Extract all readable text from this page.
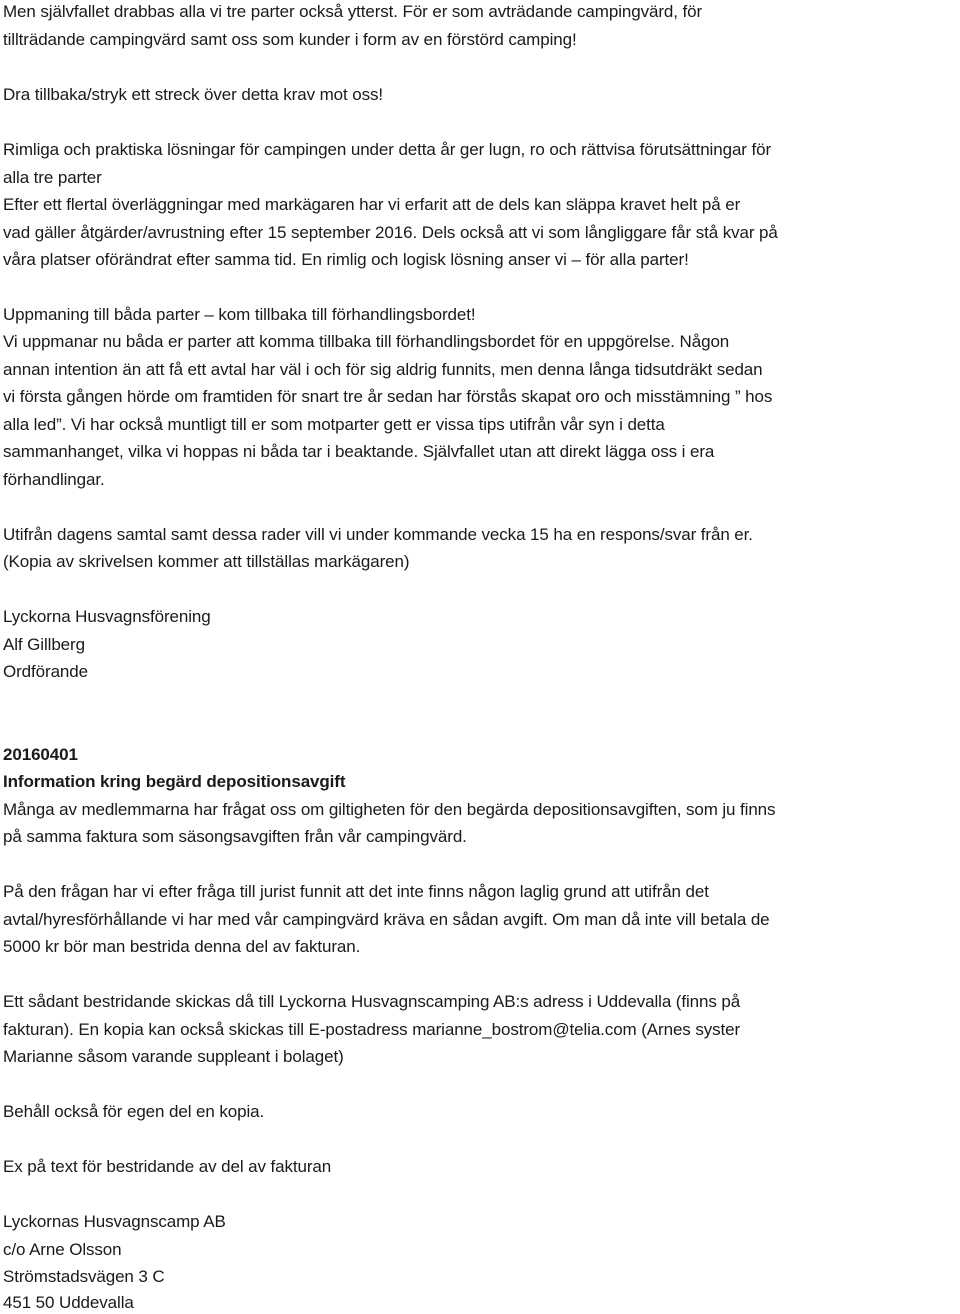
Men självfallet drabbas alla vi tre parter också ytterst. För er som avträdande campingvärd, för
tillträdande campingvärd samt oss som kunder i form av en förstörd camping!
Dra tillbaka/stryk ett streck över detta krav mot oss!
Rimliga och praktiska lösningar för campingen under detta år ger lugn, ro och rättvisa förutsättningar för
alla tre parter
Efter ett flertal överläggningar med markägaren har vi erfarit att de dels kan släppa kravet helt på er
vad gäller åtgärder/avrustning efter 15 september 2016. Dels också att vi som långliggare får stå kvar på
våra platser oförändrat efter samma tid. En rimlig och logisk lösning anser vi – för alla parter!
Uppmaning till båda parter – kom tillbaka till förhandlingsbordet!
Vi uppmanar nu båda er parter att komma tillbaka till förhandlingsbordet för en uppgörelse. Någon
annan intention än att få ett avtal har väl i och för sig aldrig funnits, men denna långa tidsutdräkt sedan
vi första gången hörde om framtiden för snart tre år sedan har förstås skapat oro och misstämning ” hos
alla led”. Vi har också muntligt till er som motparter gett er vissa tips utifrån vår syn i detta
sammanhanget, vilka vi hoppas ni båda tar i beaktande. Självfallet utan att direkt lägga oss i era
förhandlingar.
Utifrån dagens samtal samt dessa rader vill vi under kommande vecka 15 ha en respons/svar från er.
(Kopia av skrivelsen kommer att tillställas markägaren)
Lyckorna Husvagnsförening
Alf Gillberg
Ordförande
20160401
Information kring begärd depositionsavgift
Många av medlemmarna har frågat oss om giltigheten för den begärda depositionsavgiften, som ju finns
på samma faktura som säsongsavgiften från vår campingvärd.
På den frågan har vi efter fråga till jurist funnit att det inte finns någon laglig grund att utifrån det
avtal/hyresförhållande vi har med vår campingvärd kräva en sådan avgift. Om man då inte vill betala de
5000 kr bör man bestrida denna del av fakturan.
Ett sådant bestridande skickas då till Lyckorna Husvagnscamping AB:s adress i Uddevalla (finns på
fakturan). En kopia kan också skickas till E-postadress marianne_bostrom@telia.com (Arnes syster
Marianne såsom varande suppleant i bolaget)
Behåll också för egen del en kopia.
Ex på text för bestridande av del av fakturan
Lyckornas Husvagnscamp AB
c/o Arne Olsson
Strömstadsvägen 3 C
451 50 Uddevalla
